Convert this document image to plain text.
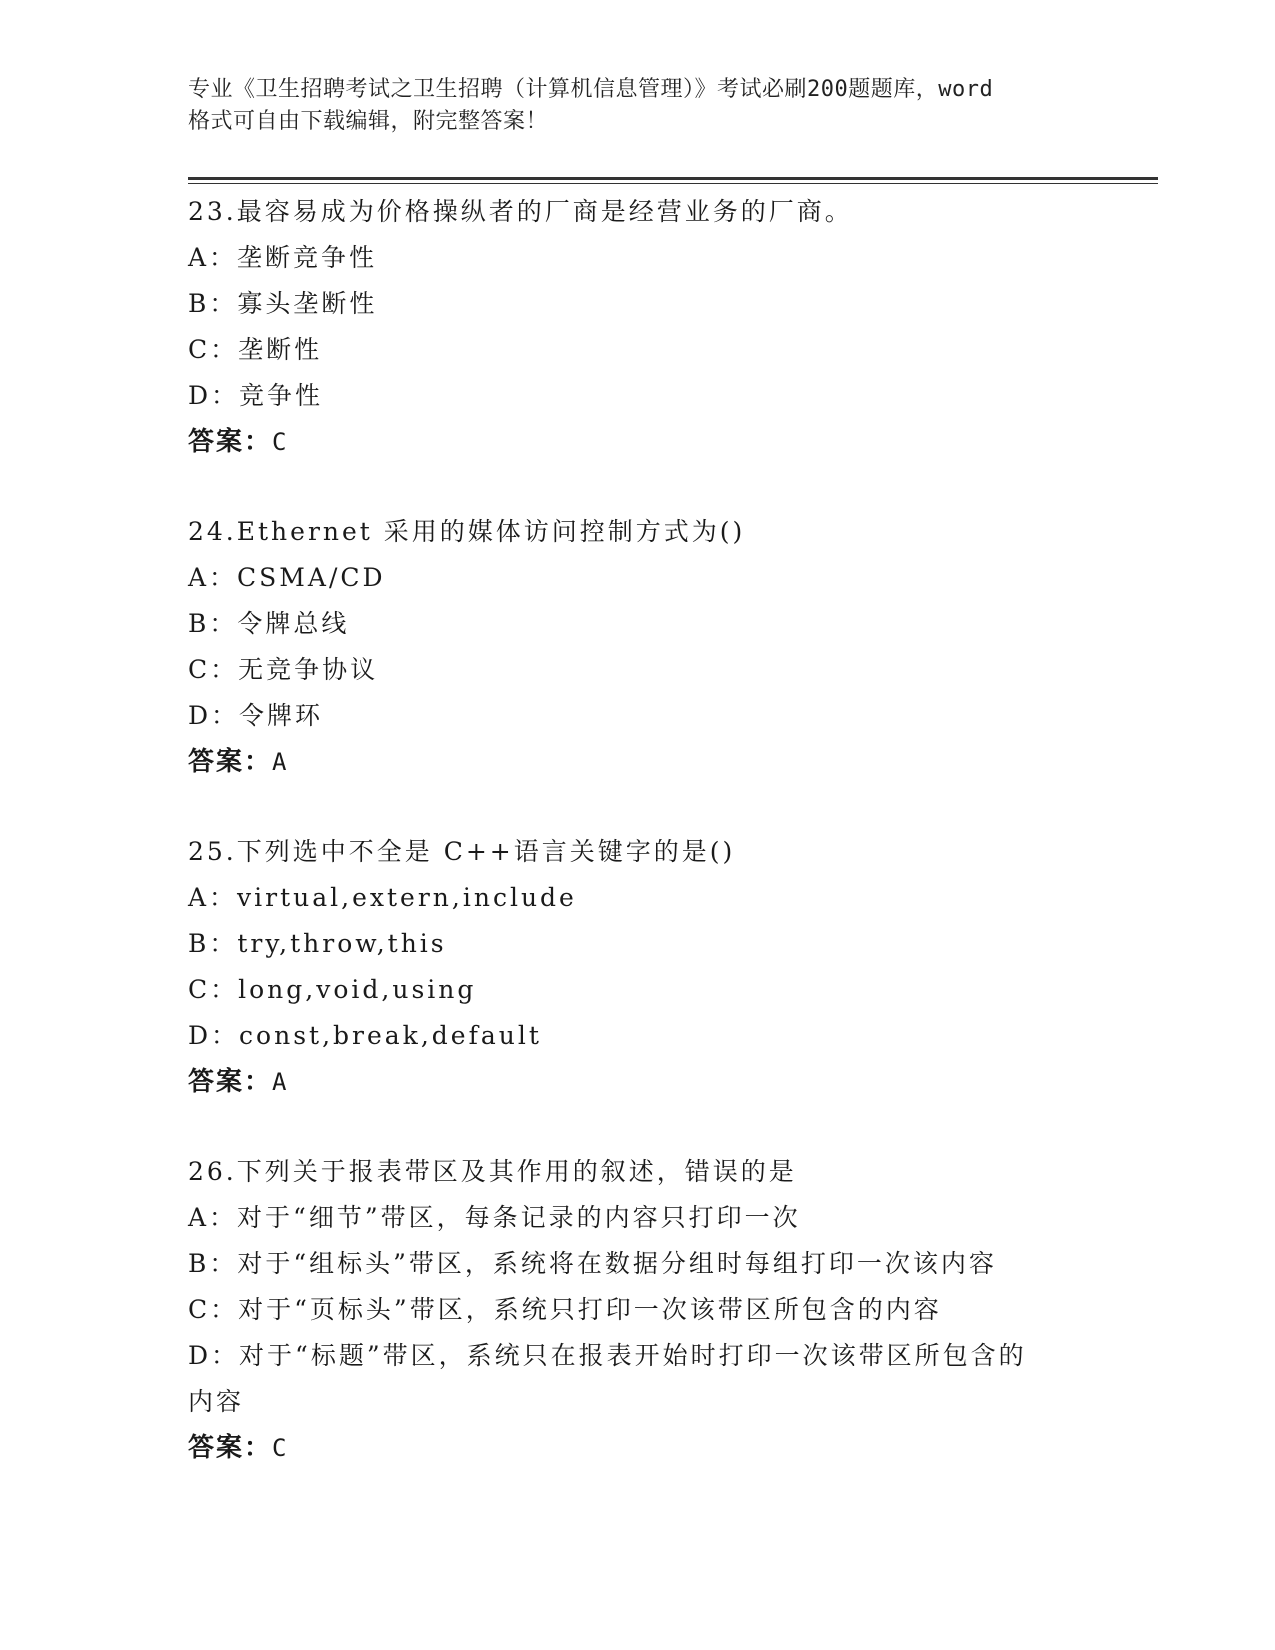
专业《卫生招聘考试之卫生招聘（计算机信息管理）》考试必刷200题题库，word
格式可自由下载编辑，附完整答案！
23.最容易成为价格操纵者的厂商是经营业务的厂商。
A：垄断竞争性
B：寡头垄断性
C：垄断性
D：竞争性
答案：C
24.Ethernet 采用的媒体访问控制方式为()
A：CSMA/CD
B：令牌总线
C：无竞争协议
D：令牌环
答案：A
25.下列选中不全是 C++语言关键字的是()
A：virtual,extern,include
B：try,throw,this
C：long,void,using
D：const,break,default
答案：A
26.下列关于报表带区及其作用的叙述，错误的是
A：对于“细节”带区，每条记录的内容只打印一次
B：对于“组标头”带区，系统将在数据分组时每组打印一次该内容
C：对于“页标头”带区，系统只打印一次该带区所包含的内容
D：对于“标题”带区，系统只在报表开始时打印一次该带区所包含的
内容
答案：C
